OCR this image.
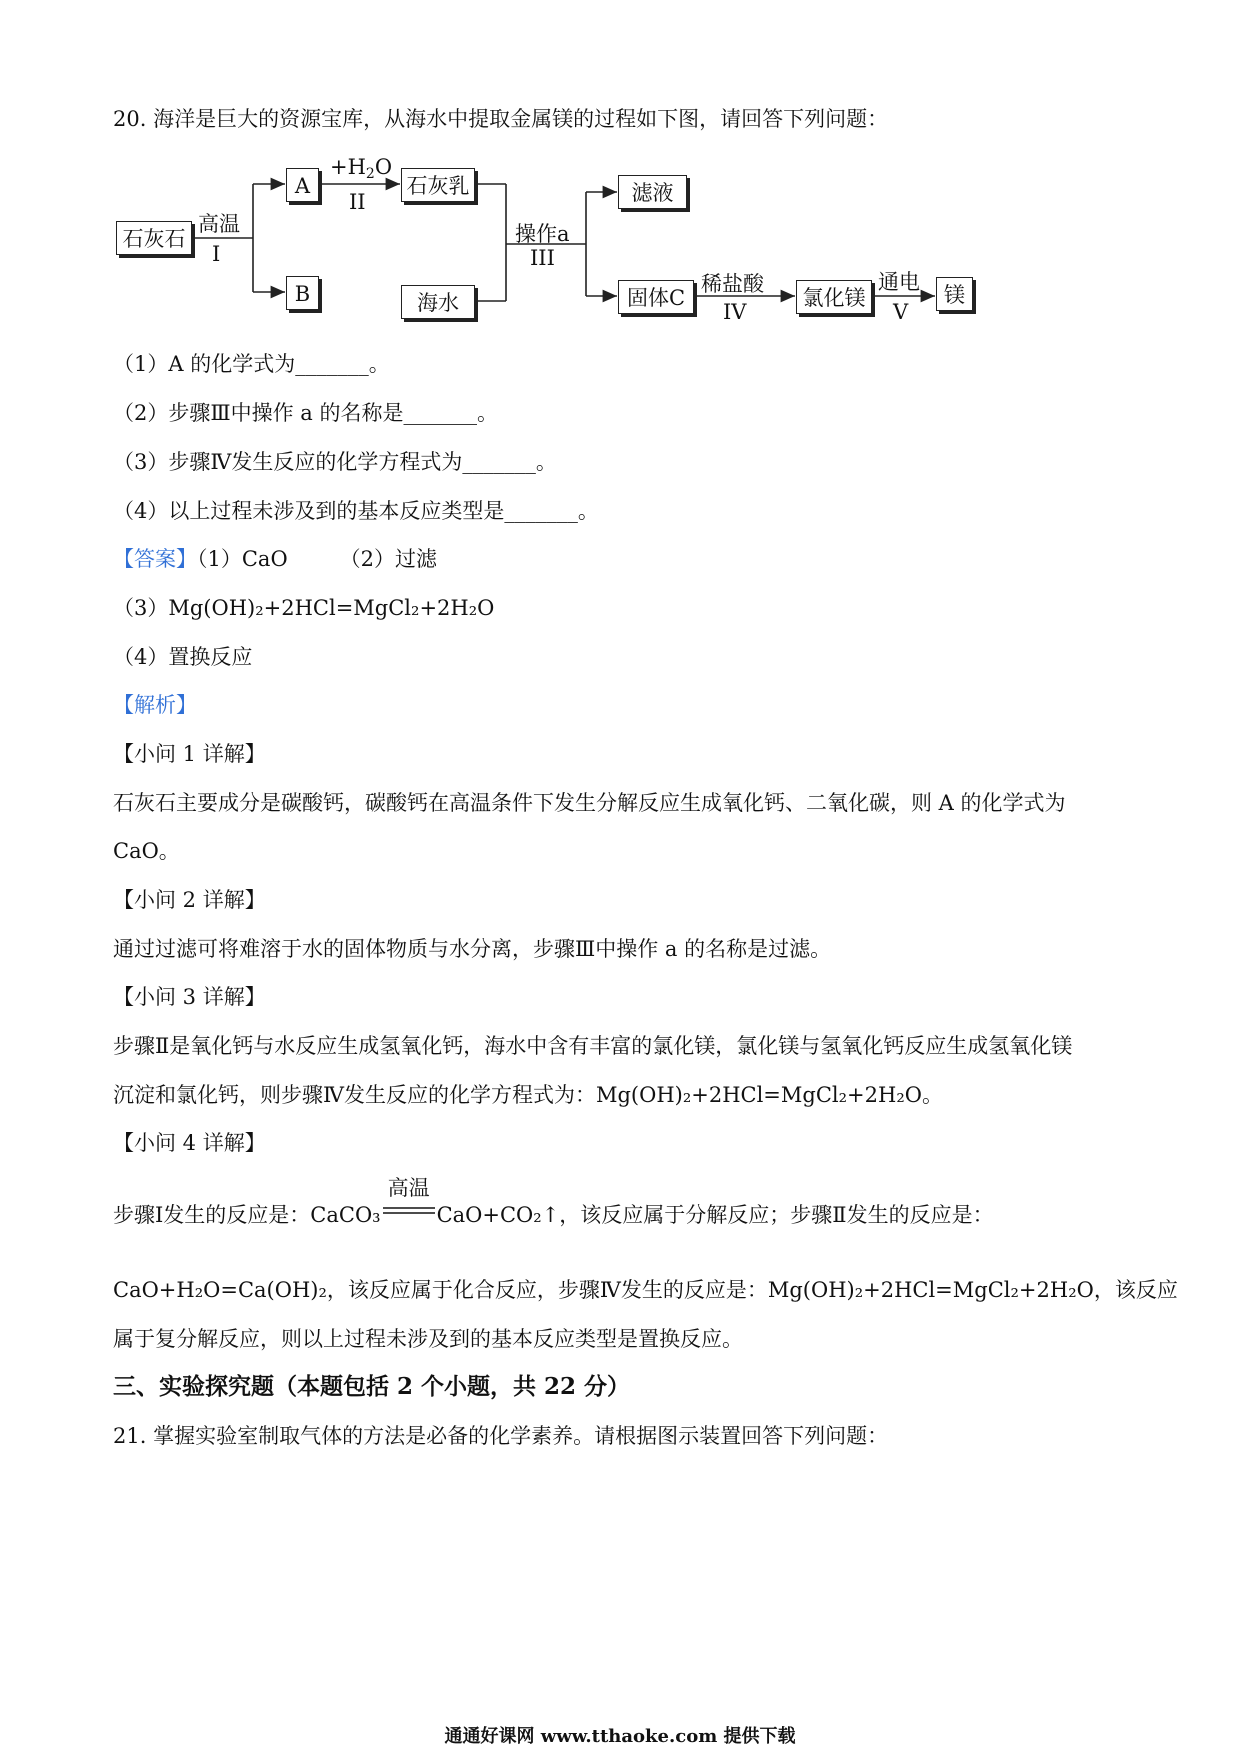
20. 海洋是巨大的资源宝库，从海水中提取金属镁的过程如下图，请回答下列问题：
石灰石
A
B
石灰乳
海水
滤液
固体C	氯化镁	镁
高温
I
$+H_2O$
II
操作a
III
稀盐酸
IV
通电
V
（1）A 的化学式为_______。
（2）步骤Ⅲ中操作 a 的名称是_______。
（3）步骤Ⅳ发生反应的化学方程式为_______。
（4）以上过程未涉及到的基本反应类型是_______。
【答案】（1）CaO （2）过滤
（3）Mg(OH)₂+2HCl=MgCl₂+2H₂O
（4）置换反应
【解析】
【小问 1 详解】
石灰石主要成分是碳酸钙，碳酸钙在高温条件下发生分解反应生成氧化钙、二氧化碳，则 A 的化学式为
CaO。
【小问 2 详解】
通过过滤可将难溶于水的固体物质与水分离，步骤Ⅲ中操作 a 的名称是过滤。
【小问 3 详解】
步骤Ⅱ是氧化钙与水反应生成氢氧化钙，海水中含有丰富的氯化镁，氯化镁与氢氧化钙反应生成氢氧化镁
沉淀和氯化钙，则步骤Ⅳ发生反应的化学方程式为：Mg(OH)₂+2HCl=MgCl₂+2H₂O。
【小问 4 详解】
步骤Ⅰ发生的反应是：CaCO₃
高温
CaO+CO₂↑，该反应属于分解反应；步骤Ⅱ发生的反应是：
CaO+H₂O=Ca(OH)₂，该反应属于化合反应，步骤Ⅳ发生的反应是：Mg(OH)₂+2HCl=MgCl₂+2H₂O，该反应
属于复分解反应，则以上过程未涉及到的基本反应类型是置换反应。
三、实验探究题（本题包括 2 个小题，共 22 分）
21. 掌握实验室制取气体的方法是必备的化学素养。请根据图示装置回答下列问题：
通通好课网 www.tthaoke.com 提供下载
